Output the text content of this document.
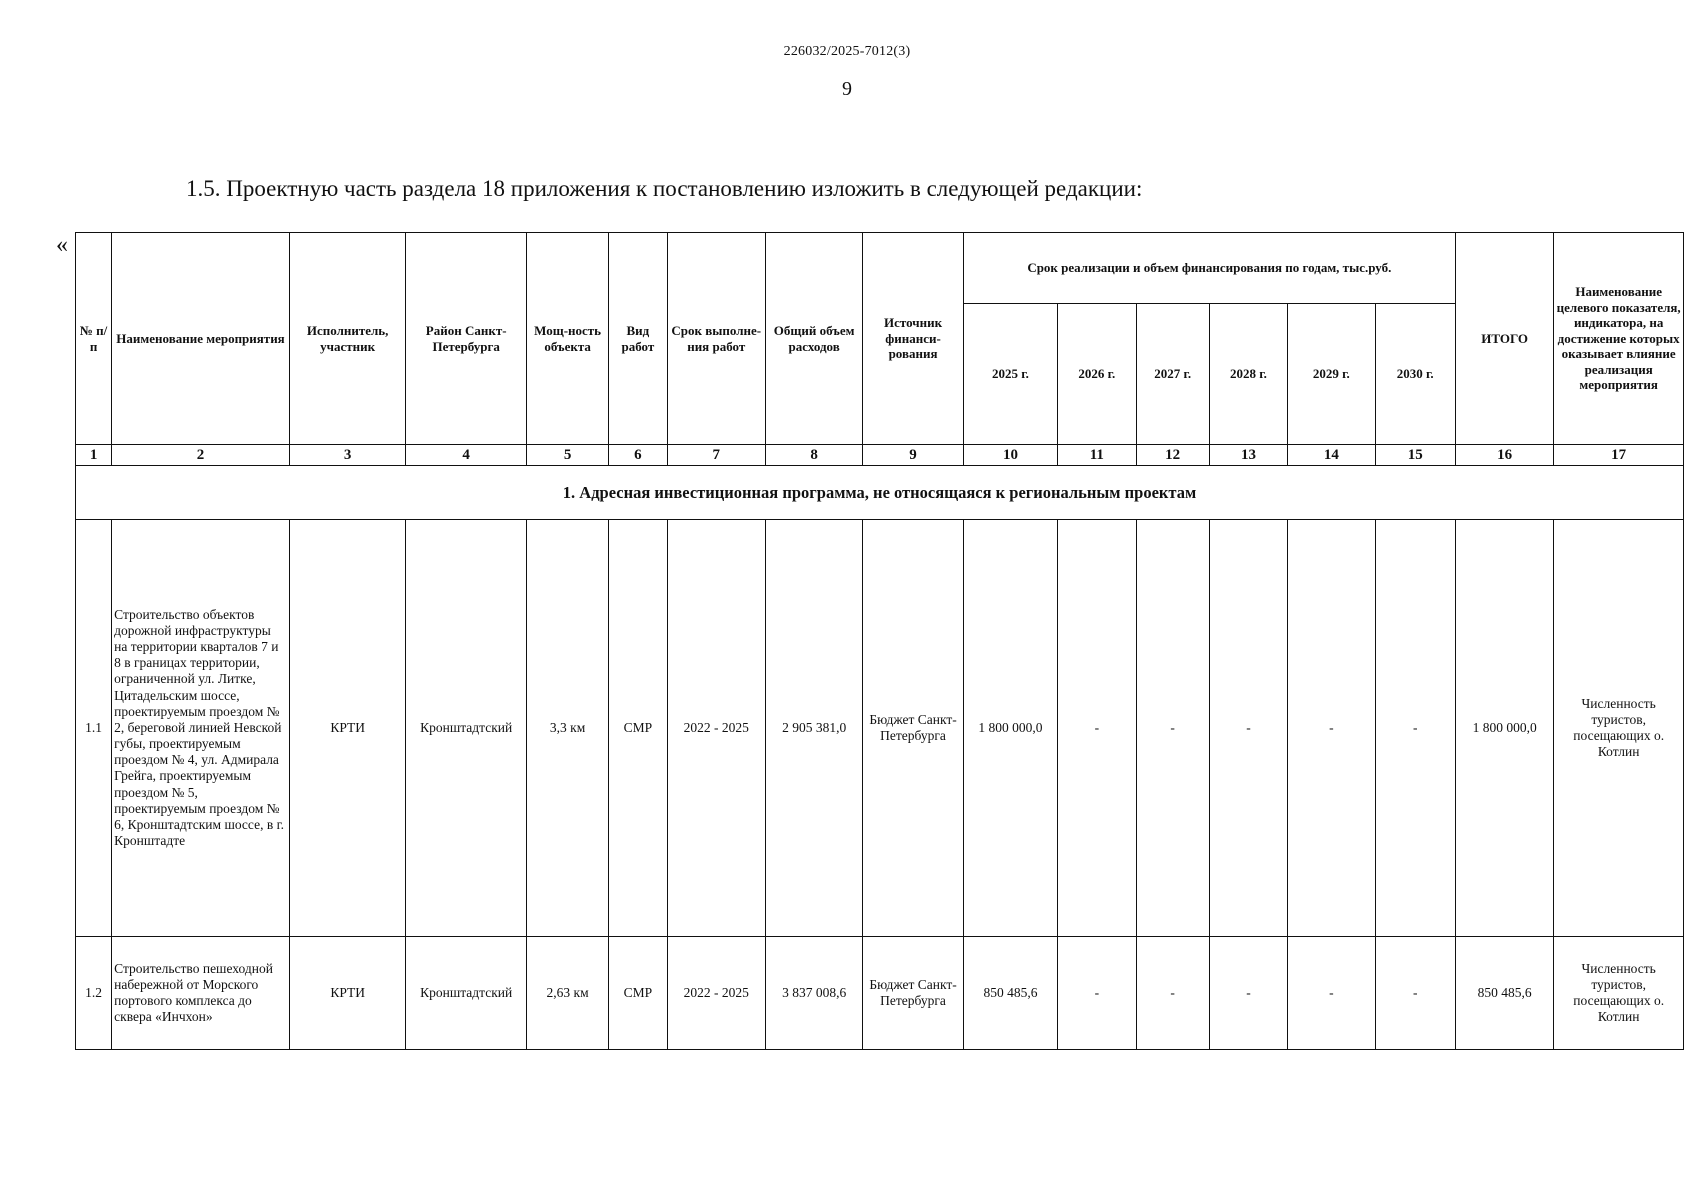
226032/2025-7012(3)
9
1.5. Проектную часть раздела 18 приложения к постановлению изложить в следующей редакции:
«
№ п/п	Наименование мероприятия	Исполнитель, участник	Район Санкт-Петербурга	Мощ-ность объекта	Вид работ	Срок выполне-ния работ	Общий объем расходов	Источник финанси-рования	Срок реализации и объем финансирования по годам, тыс.руб.						ИТОГО	Наименование целевого показателя, индикатора, на достижение которых оказывает влияние реализация мероприятия
									2025 г.	2026 г.	2027 г.	2028 г.	2029 г.	2030 г.		
1	2	3	4	5	6	7	8	9	10	11	12	13	14	15	16	17
1. Адресная инвестиционная программа, не относящаяся к региональным проектам																
1.1	Строительство объектов дорожной инфраструктуры на территории кварталов 7 и 8 в границах территории, ограниченной ул. Литке, Цитадельским шоссе, проектируемым проездом № 2, береговой линией Невской губы, проектируемым проездом № 4, ул. Адмирала Грейга, проектируемым проездом № 5, проектируемым проездом № 6, Кронштадтским шоссе, в г. Кронштадте	КРТИ	Кронштадтский	3,3 км	СМР	2022 - 2025	2 905 381,0	Бюджет Санкт-Петербурга	1 800 000,0	-	-	-	-	-	1 800 000,0	Численность туристов, посещающих о. Котлин
1.2	Строительство пешеходной набережной от Морского портового комплекса до сквера «Инчхон»	КРТИ	Кронштадтский	2,63 км	СМР	2022 - 2025	3 837 008,6	Бюджет Санкт-Петербурга	850 485,6	-	-	-	-	-	850 485,6	Численность туристов, посещающих о. Котлин
